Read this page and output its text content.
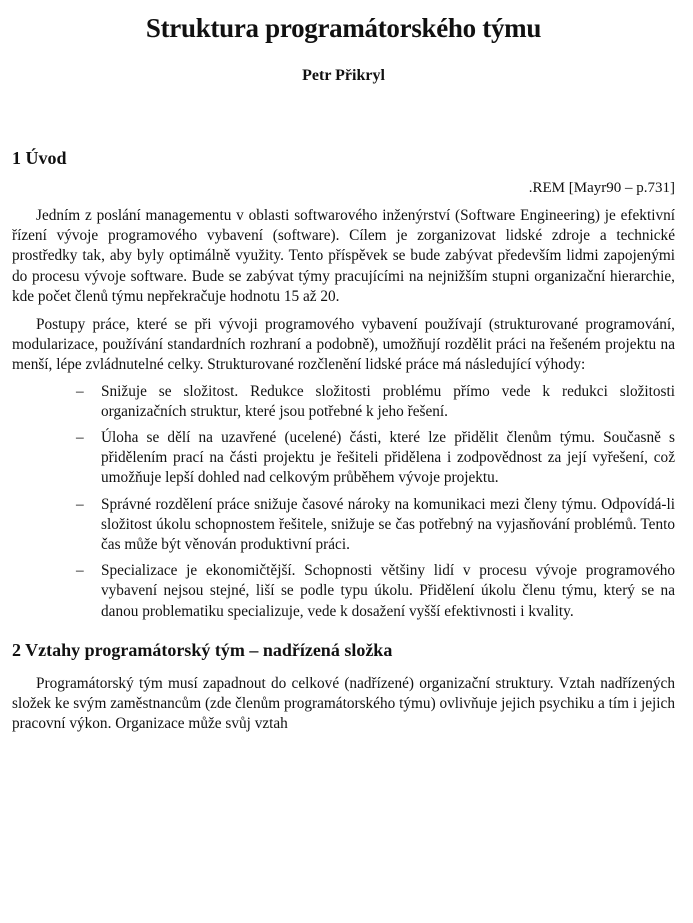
Struktura programátorského týmu
Petr Přikryl
1 Úvod
.REM [Mayr90 – p.731]

Jedním z poslání managementu v oblasti softwarového inženýrství (Software Engineering) je efektivní řízení vývoje programového vybavení (software). Cílem je zorganizovat lidské zdroje a technické prostředky tak, aby byly optimálně využity. Tento příspěvek se bude zabývat především lidmi zapojenými do procesu vývoje software. Bude se zabývat týmy pracujícími na nejnižším stupni organizační hierarchie, kde počet členů týmu nepřekračuje hodnotu 15 až 20.

Postupy práce, které se při vývoji programového vybavení používají (strukturované programování, modularizace, používání standardních rozhraní a podobně), umožňují rozdělit práci na řešeném projektu na menší, lépe zvládnutelné celky. Strukturované rozčlenění lidské práce má následující výhody:

– Snižuje se složitost. Redukce složitosti problému přímo vede k redukci složitosti organizačních struktur, které jsou potřebné k jeho řešení.
– Úloha se dělí na uzavřené (ucelené) části, které lze přidělit členům týmu. Současně s přidělením prací na části projektu je řešiteli přidělena i zodpovědnost za její vyřešení, což umožňuje lepší dohled nad celkovým průběhem vývoje projektu.
– Správné rozdělení práce snižuje časové nároky na komunikaci mezi členy týmu. Odpovídá-li složitost úkolu schopnostem řešitele, snižuje se čas potřebný na vyjasňování problémů. Tento čas může být věnován produktivní práci.
– Specializace je ekonomičtější. Schopnosti většiny lidí v procesu vývoje programového vybavení nejsou stejné, liší se podle typu úkolu. Přidělení úkolu členu týmu, který se na danou problematiku specializuje, vede k dosažení vyšší efektivnosti i kvality.
2 Vztahy programátorský tým – nadřízená složka

Programátorský tým musí zapadnout do celkové (nadřízené) organizační struktury. Vztah nadřízených složek ke svým zaměstnancům (zde členům programátorského týmu) ovlivňuje jejich psychiku a tím i jejich pracovní výkon. Organizace může svůj vztah
